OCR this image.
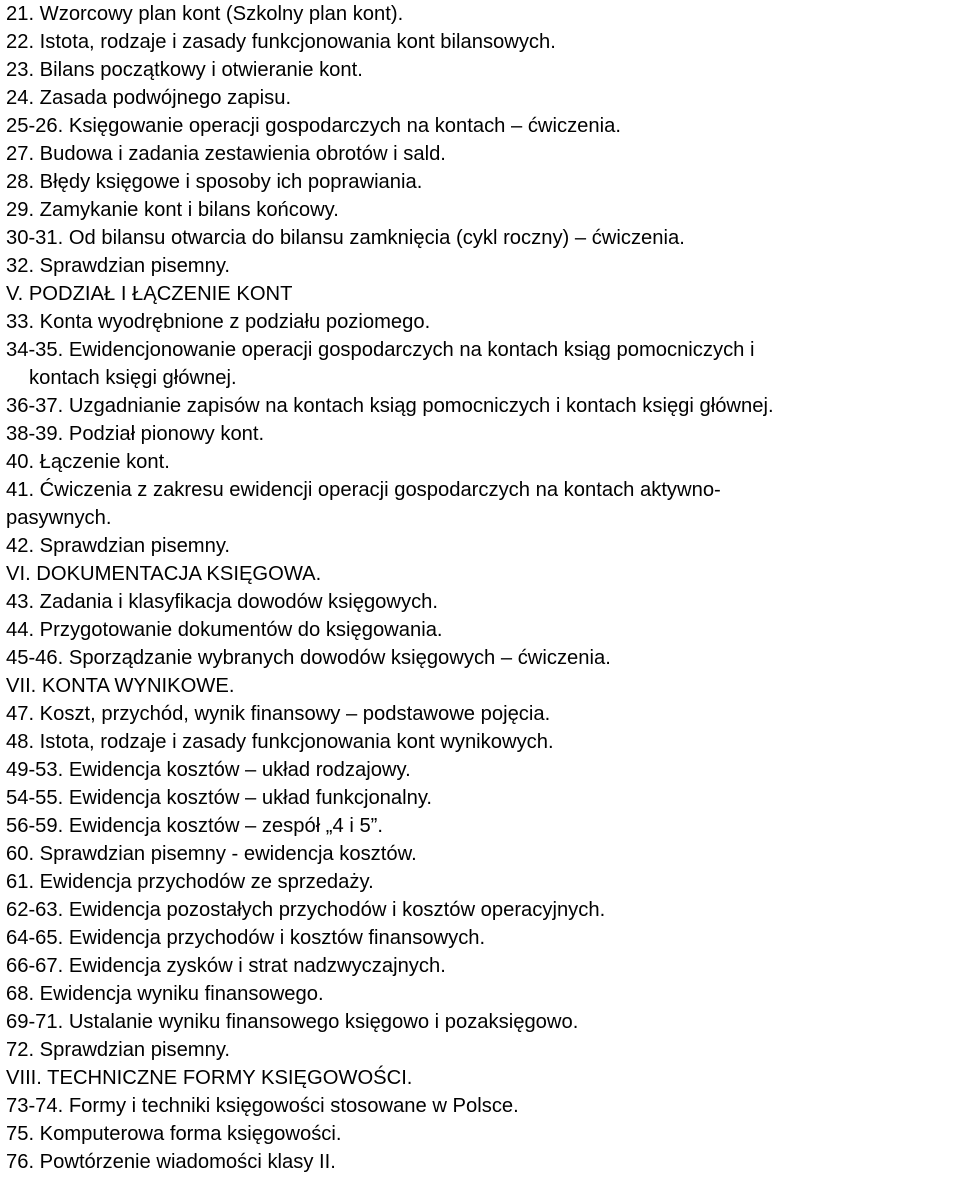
21. Wzorcowy plan kont (Szkolny plan kont).
22. Istota, rodzaje i zasady funkcjonowania kont bilansowych.
23. Bilans początkowy i otwieranie kont.
24. Zasada podwójnego zapisu.
25-26. Księgowanie operacji gospodarczych na kontach – ćwiczenia.
27. Budowa i zadania zestawienia obrotów i sald.
28. Błędy księgowe i sposoby ich poprawiania.
29. Zamykanie kont i bilans końcowy.
30-31. Od bilansu otwarcia do bilansu zamknięcia (cykl roczny) – ćwiczenia.
32. Sprawdzian pisemny.
V. PODZIAŁ I ŁĄCZENIE KONT
33. Konta wyodrębnione z podziału poziomego.
34-35. Ewidencjonowanie operacji gospodarczych na kontach ksiąg pomocniczych i
kontach księgi głównej.
36-37. Uzgadnianie zapisów na kontach ksiąg pomocniczych i kontach księgi głównej.
38-39. Podział pionowy kont.
40. Łączenie kont.
41. Ćwiczenia z zakresu ewidencji operacji gospodarczych na kontach aktywno-
pasywnych.
42. Sprawdzian pisemny.
VI. DOKUMENTACJA KSIĘGOWA.
43. Zadania i klasyfikacja dowodów księgowych.
44. Przygotowanie dokumentów do księgowania.
45-46. Sporządzanie wybranych dowodów księgowych – ćwiczenia.
VII. KONTA WYNIKOWE.
47. Koszt, przychód, wynik finansowy – podstawowe pojęcia.
48. Istota, rodzaje i zasady funkcjonowania kont wynikowych.
49-53. Ewidencja kosztów – układ rodzajowy.
54-55. Ewidencja kosztów – układ funkcjonalny.
56-59. Ewidencja kosztów – zespół „4 i 5”.
60. Sprawdzian pisemny - ewidencja kosztów.
61. Ewidencja przychodów ze sprzedaży.
62-63. Ewidencja pozostałych przychodów i kosztów operacyjnych.
64-65. Ewidencja przychodów i kosztów finansowych.
66-67. Ewidencja zysków i strat nadzwyczajnych.
68. Ewidencja wyniku finansowego.
69-71. Ustalanie wyniku finansowego księgowo i pozaksięgowo.
72. Sprawdzian pisemny.
VIII. TECHNICZNE FORMY KSIĘGOWOŚCI.
73-74. Formy i techniki księgowości stosowane w Polsce.
75. Komputerowa forma księgowości.
76. Powtórzenie wiadomości klasy II.
